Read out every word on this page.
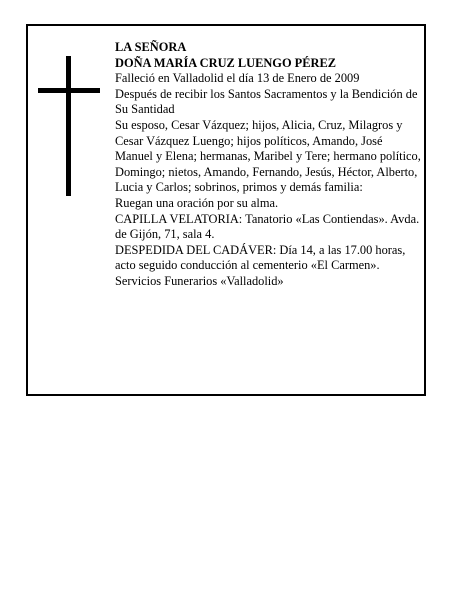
LA SEÑORA

DOÑA MARÍA CRUZ LUENGO PÉREZ

Falleció en Valladolid el día 13 de Enero de 2009

Después de recibir los Santos Sacramentos y la Bendición de Su Santidad

Su esposo, Cesar Vázquez; hijos, Alicia, Cruz, Milagros y Cesar Vázquez Luengo; hijos políticos, Amando, José Manuel y Elena; hermanas, Maribel y Tere; hermano político, Domingo; nietos, Amando, Fernando, Jesús, Héctor, Alberto, Lucia y Carlos; sobrinos, primos y demás familia:

Ruegan una oración por su alma.

CAPILLA VELATORIA: Tanatorio «Las Contiendas». Avda. de Gijón, 71, sala 4.

DESPEDIDA DEL CADÁVER: Día 14, a las 17.00 horas, acto seguido conducción al cementerio «El Carmen».

Servicios Funerarios «Valladolid»
